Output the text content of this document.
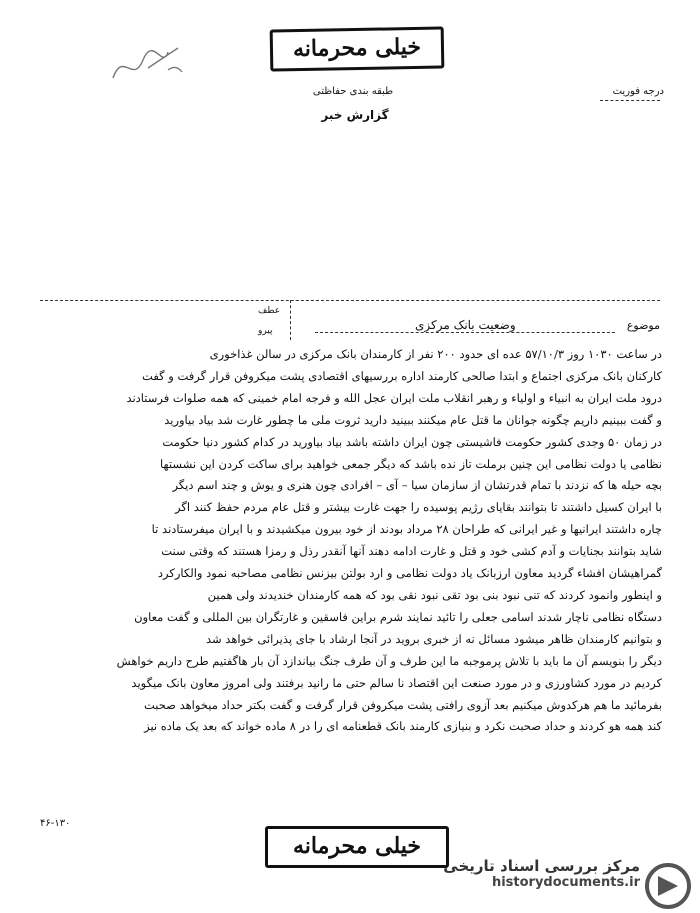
خیلی محرمانه
درجه فوریت
طبقه بندی حفاظتی
گزارش خبر

عطف
پیرو	موضوع وضعیت بانک مرکزی
در ساعت ۱۰۳۰ روز ۵۷/۱۰/۳ عده ای حدود ۲۰۰ نفر از کارمندان بانک مرکزی در سالن غذاخوری
کارکنان بانک مرکزی اجتماع و ابتدا صالحی کارمند اداره بررسیهای اقتصادی پشت میکروفن قرار گرفت و گفت
درود ملت ایران به انبیاء و اولیاء و رهبر انقلاب ملت ایران عجل الله و فرجه امام خمینی که همه صلوات فرستادند
و گفت ببینیم داریم چگونه جوانان ما قتل عام میکنند ببینید دارید ثروت ملی ما چطور غارت شد بیاد بیاورید
در زمان ۵۰ وجدی کشور حکومت فاشیستی چون ایران داشته باشد بیاد بیاورید در کدام کشور دنیا حکومت
نظامی یا دولت نظامی این چنین برملت تاز نده باشد که دیگر جمعی خواهید برای ساکت کردن این نشستها
بچه حیله ها که نزدند با تمام قدرتشان از سازمان سیا – آی – افرادی چون هنری و یوش و چند اسم دیگر
با ایران کسیل داشتند تا بتوانند بقایای رژیم پوسیده را جهت غارت بیشتر و قتل عام مردم حفظ کنند اگر
چاره داشتند ایرانیها و غیر ایرانی که طراحان ۲۸ مرداد بودند از خود بیرون میکشیدند و با ایران میفرستادند تا
شاید بتوانند بجنایات و آدم کشی خود و قتل و غارت ادامه دهند آنها آنقدر رذل و رمزا هستند که وقتی سنت
گمراهیشان افشاء گردید معاون ارزبانک یاد دولت نظامی و ارد بولتن بیزنس نظامی مصاحبه نمود والکارکرد
و اینطور وانمود کردند که تنی نبود بنی بود تقی نبود نقی بود که همه کارمندان خندیدند ولی همین
دستگاه نظامی ناچار شدند اسامی جعلی را تائید نمایند شرم براین فاسقین و غارتگران بین المللی و گفت معاون
و بتوانیم کارمندان ظاهر میشود مسائل نه از خبری بروید در آنجا ارشاد با جای پذیرائی خواهد شد
دیگر را بنویسم آن ما باید با تلاش پرموجبه ما این طرف و آن طرف جنگ بیاندازد آن بار هاگفتیم طرح داریم خواهش
کردیم در مورد کشاورزی و در مورد صنعت این اقتصاد نا سالم حتی ما رانید برفتند ولی امروز معاون بانک میگوید
بفرمائید ما هم هرکدوش میکنیم بعد آزوی رافتی پشت میکروفن قرار گرفت و گفت بکتر حداد میخواهد صحبت
کند همه هو کردند و حداد صحبت نکرد و بنیازی کارمند بانک قطعنامه ای را در ۸ ماده خواند که بعد یک ماده نیز
۴۶-۱۳۰
خیلی محرمانه
مرکز بررسی اسناد تاریخی
historydocuments.ir
